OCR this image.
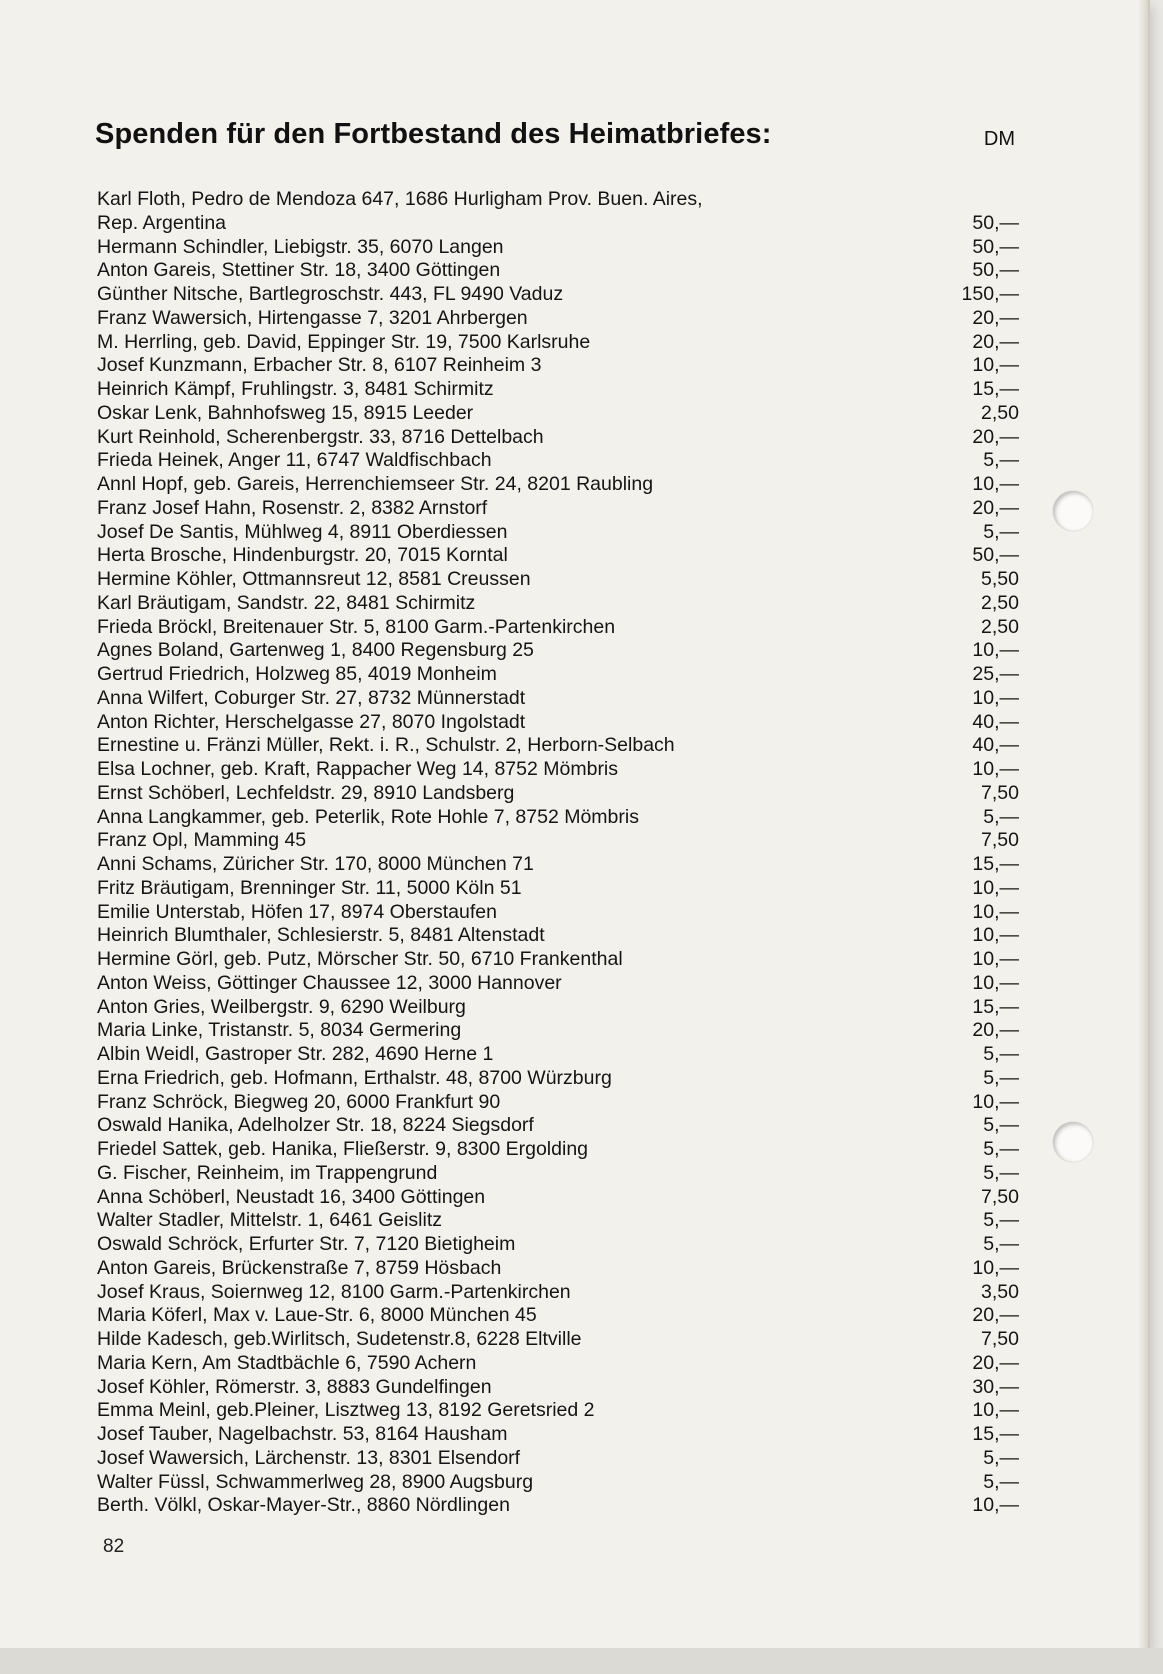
Spenden für den Fortbestand des Heimatbriefes:	DM
Karl Floth, Pedro de Mendoza 647, 1686 Hurligham Prov. Buen. Aires,
Rep. Argentina	50,—
Hermann Schindler, Liebigstr. 35, 6070 Langen	50,—
Anton Gareis, Stettiner Str. 18, 3400 Göttingen	50,—
Günther Nitsche, Bartlegroschstr. 443, FL 9490 Vaduz	150,—
Franz Wawersich, Hirtengasse 7, 3201 Ahrbergen	20,—
M. Herrling, geb. David, Eppinger Str. 19, 7500 Karlsruhe	20,—
Josef Kunzmann, Erbacher Str. 8, 6107 Reinheim 3	10,—
Heinrich Kämpf, Fruhlingstr. 3, 8481 Schirmitz	15,—
Oskar Lenk, Bahnhofsweg 15, 8915 Leeder	2,50
Kurt Reinhold, Scherenbergstr. 33, 8716 Dettelbach	20,—
Frieda Heinek, Anger 11, 6747 Waldfischbach	5,—
Annl Hopf, geb. Gareis, Herrenchiemseer Str. 24, 8201 Raubling	10,—
Franz Josef Hahn, Rosenstr. 2, 8382 Arnstorf	20,—
Josef De Santis, Mühlweg 4, 8911 Oberdiessen	5,—
Herta Brosche, Hindenburgstr. 20, 7015 Korntal	50,—
Hermine Köhler, Ottmannsreut 12, 8581 Creussen	5,50
Karl Bräutigam, Sandstr. 22, 8481 Schirmitz	2,50
Frieda Bröckl, Breitenauer Str. 5, 8100 Garm.-Partenkirchen	2,50
Agnes Boland, Gartenweg 1, 8400 Regensburg 25	10,—
Gertrud Friedrich, Holzweg 85, 4019 Monheim	25,—
Anna Wilfert, Coburger Str. 27, 8732 Münnerstadt	10,—
Anton Richter, Herschelgasse 27, 8070 Ingolstadt	40,—
Ernestine u. Fränzi Müller, Rekt. i. R., Schulstr. 2, Herborn-Selbach	40,—
Elsa Lochner, geb. Kraft, Rappacher Weg 14, 8752 Mömbris	10,—
Ernst Schöberl, Lechfeldstr. 29, 8910 Landsberg	7,50
Anna Langkammer, geb. Peterlik, Rote Hohle 7, 8752 Mömbris	5,—
Franz Opl, Mamming 45	7,50
Anni Schams, Züricher Str. 170, 8000 München 71	15,—
Fritz Bräutigam, Brenninger Str. 11, 5000 Köln 51	10,—
Emilie Unterstab, Höfen 17, 8974 Oberstaufen	10,—
Heinrich Blumthaler, Schlesierstr. 5, 8481 Altenstadt	10,—
Hermine Görl, geb. Putz, Mörscher Str. 50, 6710 Frankenthal	10,—
Anton Weiss, Göttinger Chaussee 12, 3000 Hannover	10,—
Anton Gries, Weilbergstr. 9, 6290 Weilburg	15,—
Maria Linke, Tristanstr. 5, 8034 Germering	20,—
Albin Weidl, Gastroper Str. 282, 4690 Herne 1	5,—
Erna Friedrich, geb. Hofmann, Erthalstr. 48, 8700 Würzburg	5,—
Franz Schröck, Biegweg 20, 6000 Frankfurt 90	10,—
Oswald Hanika, Adelholzer Str. 18, 8224 Siegsdorf	5,—
Friedel Sattek, geb. Hanika, Fließerstr. 9, 8300 Ergolding	5,—
G. Fischer, Reinheim, im Trappengrund	5,—
Anna Schöberl, Neustadt 16, 3400 Göttingen	7,50
Walter Stadler, Mittelstr. 1, 6461 Geislitz	5,—
Oswald Schröck, Erfurter Str. 7, 7120 Bietigheim	5,—
Anton Gareis, Brückenstraße 7, 8759 Hösbach	10,—
Josef Kraus, Soiernweg 12, 8100 Garm.-Partenkirchen	3,50
Maria Köferl, Max v. Laue-Str. 6, 8000 München 45	20,—
Hilde Kadesch, geb.Wirlitsch, Sudetenstr.8, 6228 Eltville	7,50
Maria Kern, Am Stadtbächle 6, 7590 Achern	20,—
Josef Köhler, Römerstr. 3, 8883 Gundelfingen	30,—
Emma Meinl, geb.Pleiner, Lisztweg 13, 8192 Geretsried 2	10,—
Josef Tauber, Nagelbachstr. 53, 8164 Hausham	15,—
Josef Wawersich, Lärchenstr. 13, 8301 Elsendorf	5,—
Walter Füssl, Schwammerlweg 28, 8900 Augsburg	5,—
Berth. Völkl, Oskar-Mayer-Str., 8860 Nördlingen	10,—
82
